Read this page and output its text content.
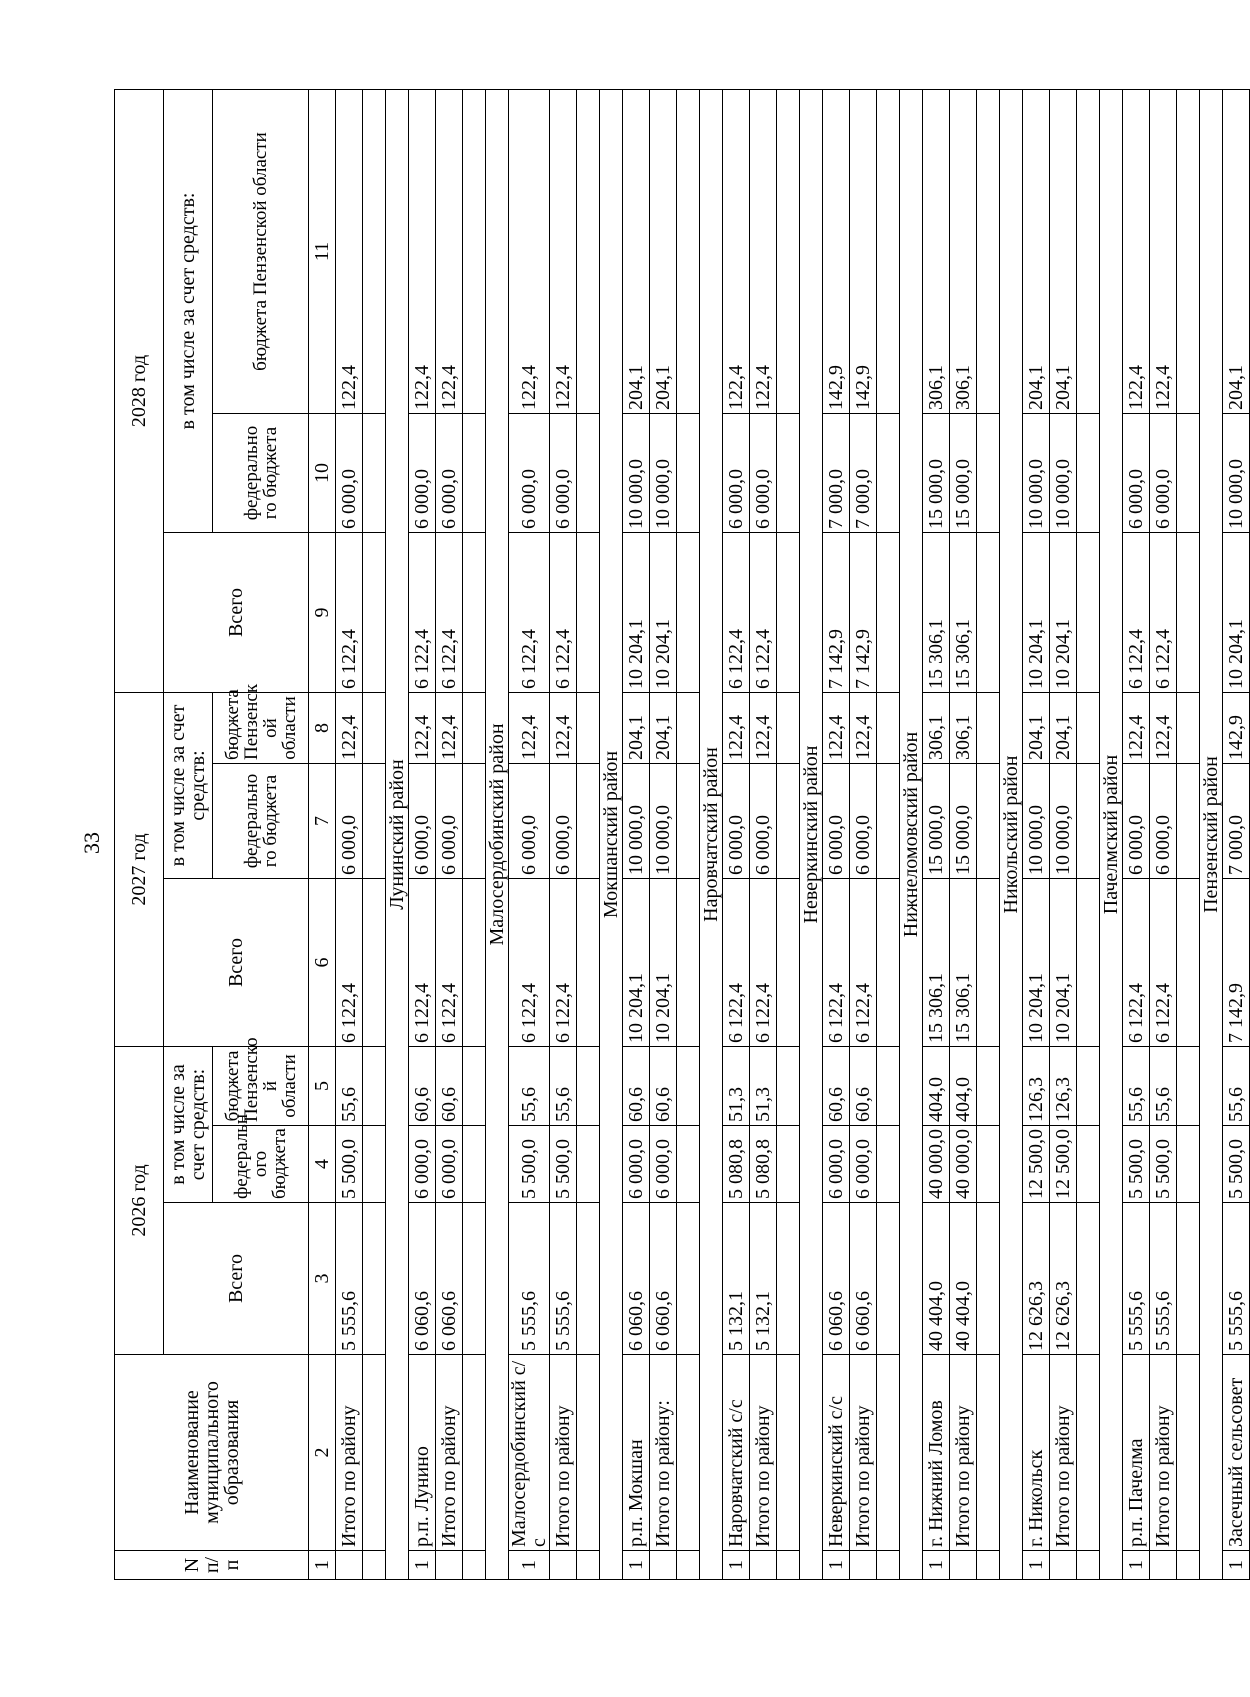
33
N п/п	Наименование муниципального образования	2026 год			2027 год			2028 год		
		Всего	в том числе за счет средств:		Всего	в том числе за счет средств:		Всего	в том числе за счет средств:	
			федеральн ого бюджета	бюджета Пензенско й области		федерально го бюджета	бюджета Пензенск ой области		федерально го бюджета	бюджета Пензенской области
1	2	3	4	5	6	7	8	9	10	11
	Итого по району	5 555,6	5 500,0	55,6	6 122,4	6 000,0	122,4	6 122,4	6 000,0	122,4

Лунинский район										
1	р.п. Лунино	6 060,6	6 000,0	60,6	6 122,4	6 000,0	122,4	6 122,4	6 000,0	122,4
	Итого по району	6 060,6	6 000,0	60,6	6 122,4	6 000,0	122,4	6 122,4	6 000,0	122,4

Малосердобинский район										
1	Малосердобинский с/с	5 555,6	5 500,0	55,6	6 122,4	6 000,0	122,4	6 122,4	6 000,0	122,4
	Итого по району	5 555,6	5 500,0	55,6	6 122,4	6 000,0	122,4	6 122,4	6 000,0	122,4

Мокшанский район										
1	р.п. Мокшан	6 060,6	6 000,0	60,6	10 204,1	10 000,0	204,1	10 204,1	10 000,0	204,1
	Итого по району:	6 060,6	6 000,0	60,6	10 204,1	10 000,0	204,1	10 204,1	10 000,0	204,1

Наровчатский район										
1	Наровчатский с/с	5 132,1	5 080,8	51,3	6 122,4	6 000,0	122,4	6 122,4	6 000,0	122,4
	Итого по району	5 132,1	5 080,8	51,3	6 122,4	6 000,0	122,4	6 122,4	6 000,0	122,4

Неверкинский район										
1	Неверкинский с/с	6 060,6	6 000,0	60,6	6 122,4	6 000,0	122,4	7 142,9	7 000,0	142,9
	Итого по району	6 060,6	6 000,0	60,6	6 122,4	6 000,0	122,4	7 142,9	7 000,0	142,9

Нижнеломовский район										
1	г. Нижний Ломов	40 404,0	40 000,0	404,0	15 306,1	15 000,0	306,1	15 306,1	15 000,0	306,1
	Итого по району	40 404,0	40 000,0	404,0	15 306,1	15 000,0	306,1	15 306,1	15 000,0	306,1

Никольский район										
1	г. Никольск	12 626,3	12 500,0	126,3	10 204,1	10 000,0	204,1	10 204,1	10 000,0	204,1
	Итого по району	12 626,3	12 500,0	126,3	10 204,1	10 000,0	204,1	10 204,1	10 000,0	204,1

Пачелмский район										
1	р.п. Пачелма	5 555,6	5 500,0	55,6	6 122,4	6 000,0	122,4	6 122,4	6 000,0	122,4
	Итого по району	5 555,6	5 500,0	55,6	6 122,4	6 000,0	122,4	6 122,4	6 000,0	122,4

Пензенский район										
1	Засечный сельсовет	5 555,6	5 500,0	55,6	7 142,9	7 000,0	142,9	10 204,1	10 000,0	204,1
